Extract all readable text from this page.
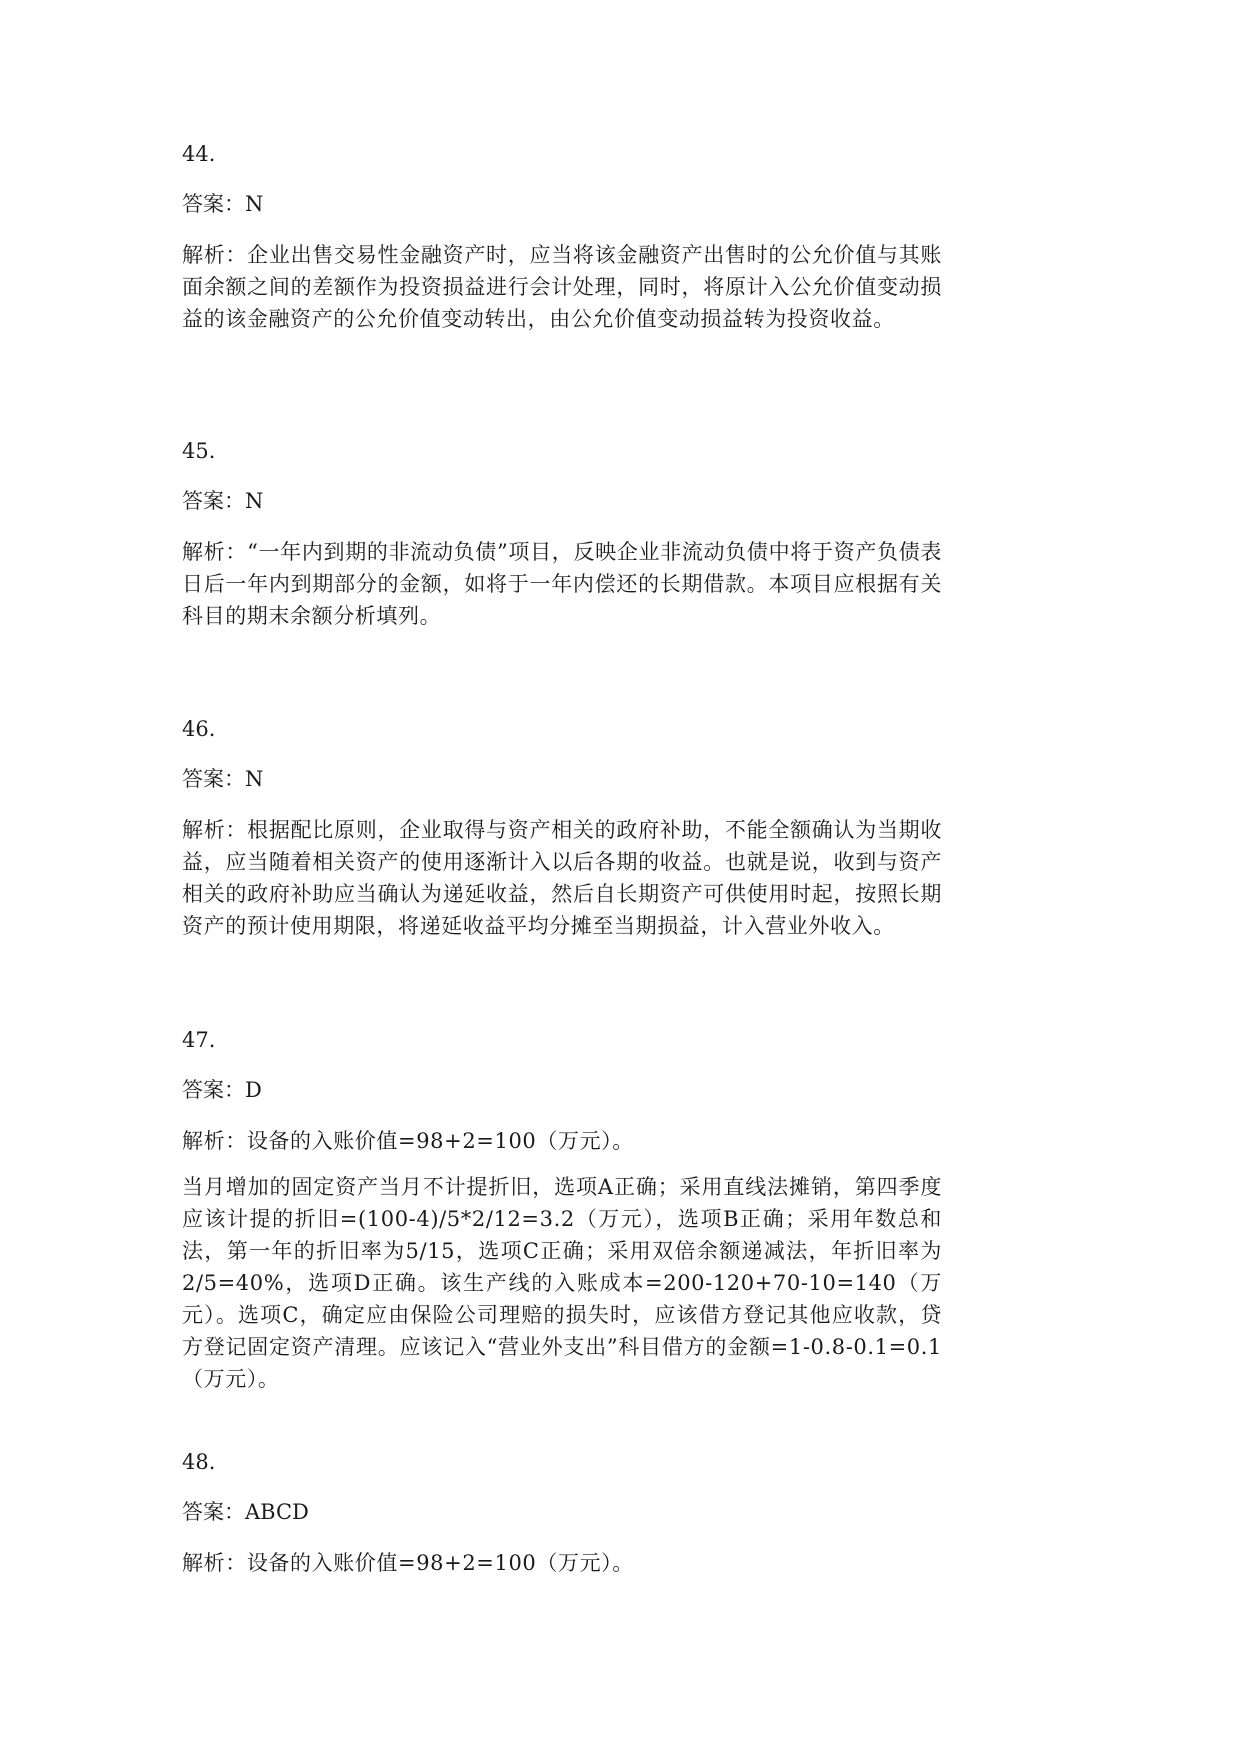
44.
答案：N

解析：企业出售交易性金融资产时，应当将该金融资产出售时的公允价值与其账面余额之间的差额作为投资损益进行会计处理，同时，将原计入公允价值变动损益的该金融资产的公允价值变动转出，由公允价值变动损益转为投资收益。

45.
答案：N

解析：“一年内到期的非流动负债”项目，反映企业非流动负债中将于资产负债表日后一年内到期部分的金额，如将于一年内偿还的长期借款。本项目应根据有关科目的期末余额分析填列。

46.
答案：N

解析：根据配比原则，企业取得与资产相关的政府补助，不能全额确认为当期收益，应当随着相关资产的使用逐渐计入以后各期的收益。也就是说，收到与资产相关的政府补助应当确认为递延收益，然后自长期资产可供使用时起，按照长期资产的预计使用期限，将递延收益平均分摊至当期损益，计入营业外收入。

47.
答案：D

解析：设备的入账价值=98+2=100（万元）。

当月增加的固定资产当月不计提折旧，选项A正确；采用直线法摊销，第四季度应该计提的折旧=(100-4)/5*2/12=3.2（万元），选项B正确；采用年数总和法，第一年的折旧率为5/15，选项C正确；采用双倍余额递减法，年折旧率为2/5=40%，选项D正确。该生产线的入账成本=200-120+70-10=140（万元）。选项C，确定应由保险公司理赔的损失时，应该借方登记其他应收款，贷方登记固定资产清理。应该记入“营业外支出”科目借方的金额=1-0.8-0.1=0.1（万元）。

48.
答案：ABCD

解析：设备的入账价值=98+2=100（万元）。
